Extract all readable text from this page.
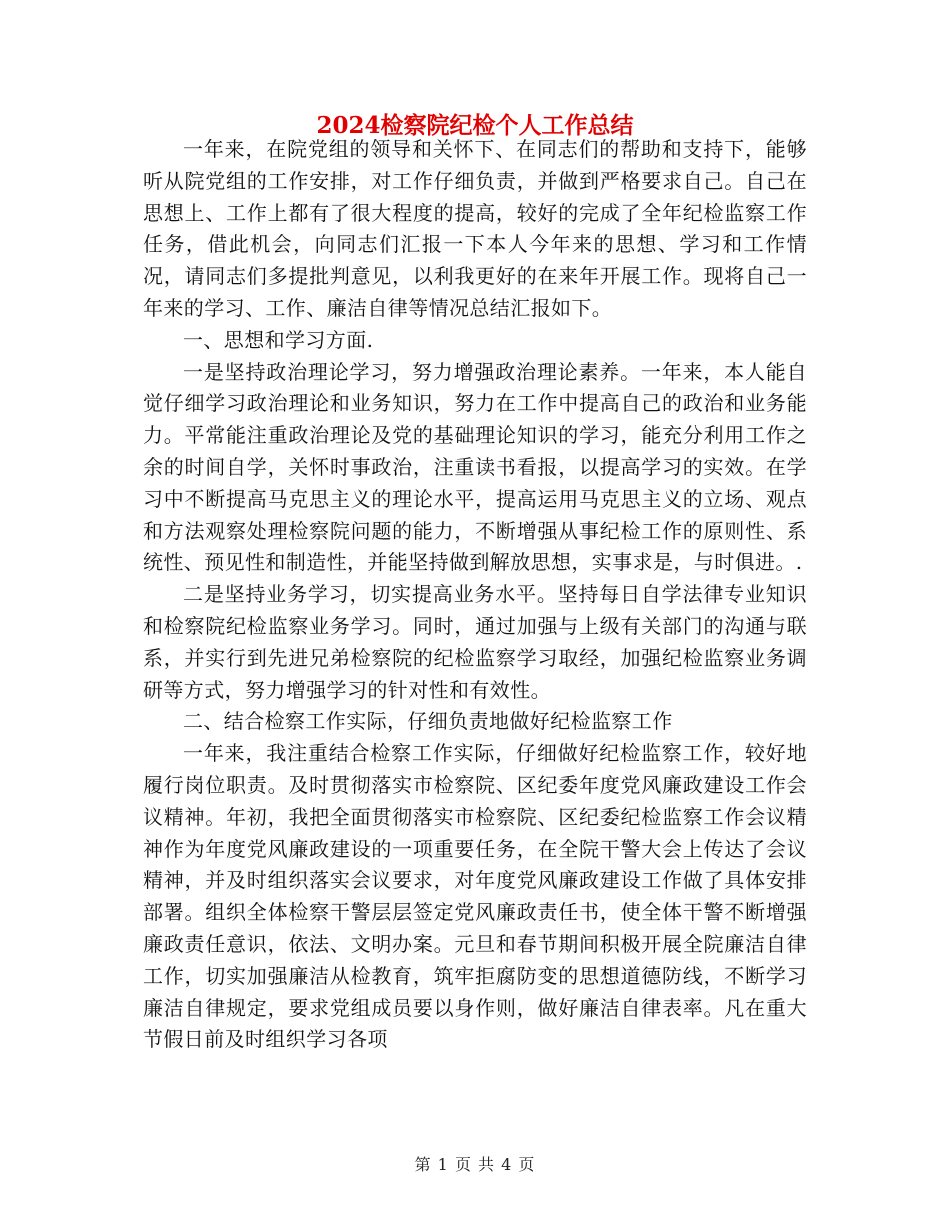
2024检察院纪检个人工作总结

一年来，在院党组的领导和关怀下、在同志们的帮助和支持下，能够听从院党组的工作安排，对工作仔细负责，并做到严格要求自己。自己在思想上、工作上都有了很大程度的提高，较好的完成了全年纪检监察工作任务，借此机会，向同志们汇报一下本人今年来的思想、学习和工作情况，请同志们多提批判意见，以利我更好的在来年开展工作。现将自己一年来的学习、工作、廉洁自律等情况总结汇报如下。

一、思想和学习方面.

一是坚持政治理论学习，努力增强政治理论素养。一年来，本人能自觉仔细学习政治理论和业务知识，努力在工作中提高自己的政治和业务能力。平常能注重政治理论及党的基础理论知识的学习，能充分利用工作之余的时间自学，关怀时事政治，注重读书看报，以提高学习的实效。在学习中不断提高马克思主义的理论水平，提高运用马克思主义的立场、观点和方法观察处理检察院问题的能力，不断增强从事纪检工作的原则性、系统性、预见性和制造性，并能坚持做到解放思想，实事求是，与时俱进。.

二是坚持业务学习，切实提高业务水平。坚持每日自学法律专业知识和检察院纪检监察业务学习。同时，通过加强与上级有关部门的沟通与联系，并实行到先进兄弟检察院的纪检监察学习取经，加强纪检监察业务调研等方式，努力增强学习的针对性和有效性。

二、结合检察工作实际，仔细负责地做好纪检监察工作

一年来，我注重结合检察工作实际，仔细做好纪检监察工作，较好地履行岗位职责。及时贯彻落实市检察院、区纪委年度党风廉政建设工作会议精神。年初，我把全面贯彻落实市检察院、区纪委纪检监察工作会议精神作为年度党风廉政建设的一项重要任务，在全院干警大会上传达了会议精神，并及时组织落实会议要求，对年度党风廉政建设工作做了具体安排部署。组织全体检察干警层层签定党风廉政责任书，使全体干警不断增强廉政责任意识，依法、文明办案。元旦和春节期间积极开展全院廉洁自律工作，切实加强廉洁从检教育，筑牢拒腐防变的思想道德防线，不断学习廉洁自律规定，要求党组成员要以身作则，做好廉洁自律表率。凡在重大节假日前及时组织学习各项

第 1 页 共 4 页
